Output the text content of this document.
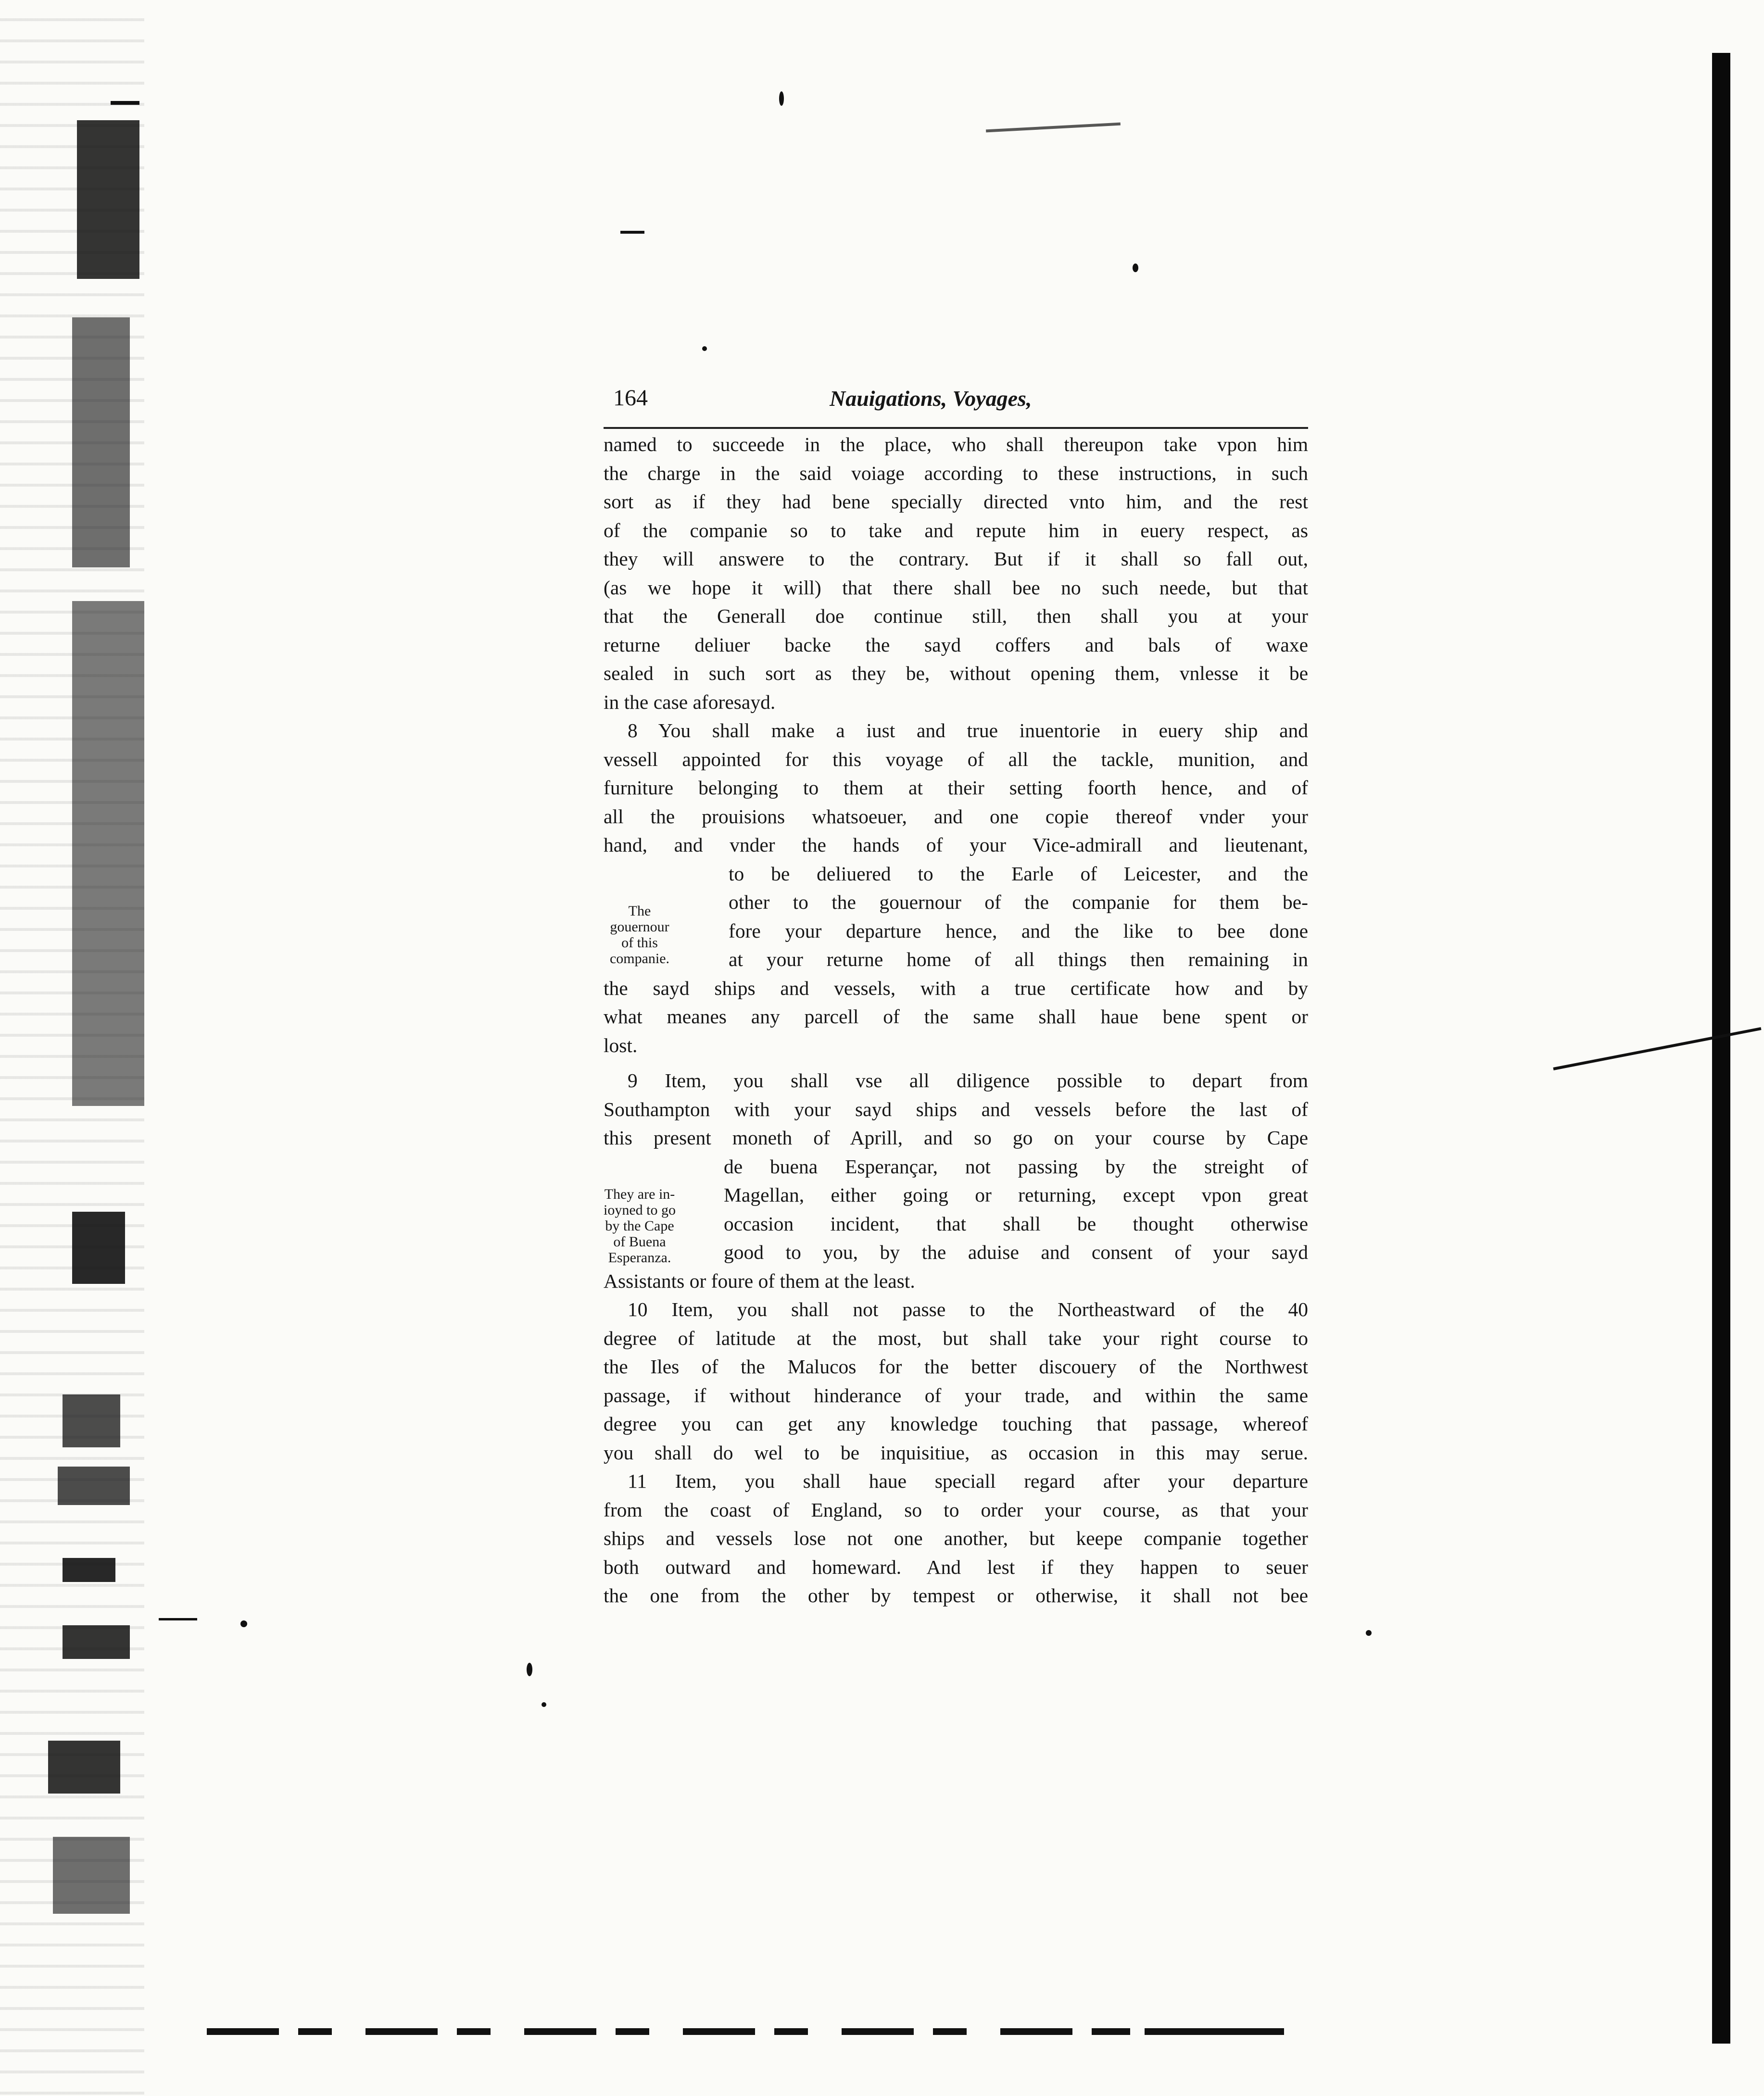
The
gouernour
of this
companie.
They are in-
ioyned to go
by the Cape
of Buena
Esperanza.
164	Nauigations, Voyages,
named to succeede in the place, who shall thereupon take vpon him
the charge in the said voiage according to these instructions, in such
sort as if they had bene specially directed vnto him, and the rest
of the companie so to take and repute him in euery respect, as
they will answere to the contrary. But if it shall so fall out,
(as we hope it will) that there shall bee no such neede, but that
that the Generall doe continue still, then shall you at your
returne deliuer backe the sayd coffers and bals of waxe
sealed in such sort as they be, without opening them, vnlesse it be
in the case aforesayd.
8 You shall make a iust and true inuentorie in euery ship and
vessell appointed for this voyage of all the tackle, munition, and
furniture belonging to them at their setting foorth hence, and of
all the prouisions whatsoeuer, and one copie thereof vnder your
hand, and vnder the hands of your Vice-admirall and lieutenant,
to be deliuered to the Earle of Leicester, and the
other to the gouernour of the companie for them be-
fore your departure hence, and the like to bee done
at your returne home of all things then remaining in
the sayd ships and vessels, with a true certificate how and by
what meanes any parcell of the same shall haue bene spent or
lost.
9 Item, you shall vse all diligence possible to depart from
Southampton with your sayd ships and vessels before the last of
this present moneth of Aprill, and so go on your course by Cape
de buena Esperançar, not passing by the streight of
Magellan, either going or returning, except vpon great
occasion incident, that shall be thought otherwise
good to you, by the aduise and consent of your sayd
Assistants or foure of them at the least.
10 Item, you shall not passe to the Northeastward of the 40
degree of latitude at the most, but shall take your right course to
the Iles of the Malucos for the better discouery of the Northwest
passage, if without hinderance of your trade, and within the same
degree you can get any knowledge touching that passage, whereof
you shall do wel to be inquisitiue, as occasion in this may serue.
11 Item, you shall haue speciall regard after your departure
from the coast of England, so to order your course, as that your
ships and vessels lose not one another, but keepe companie together
both outward and homeward. And lest if they happen to seuer
the one from the other by tempest or otherwise, it shall not bee
